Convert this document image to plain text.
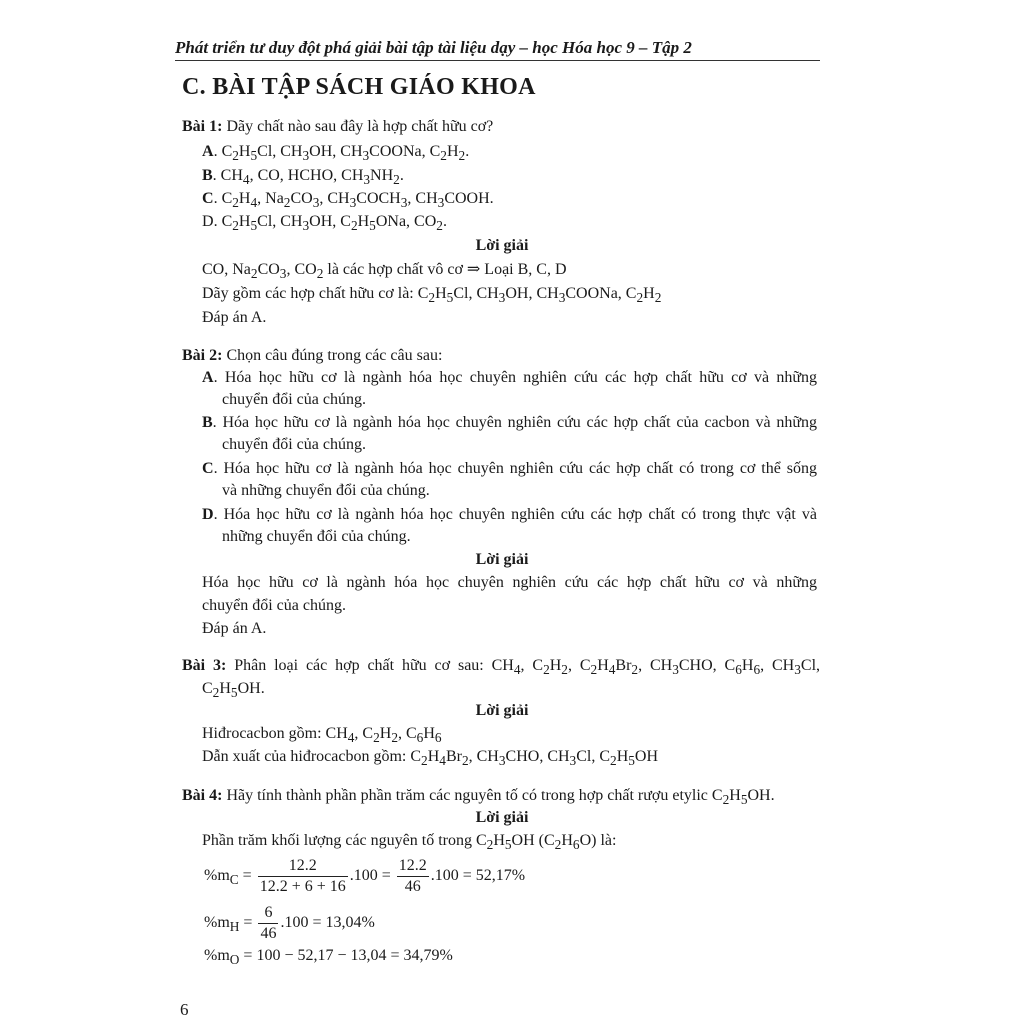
Phát triển tư duy đột phá giải bài tập tài liệu dạy – học Hóa học 9 – Tập 2
C. BÀI TẬP SÁCH GIÁO KHOA
Bài 1: Dãy chất nào sau đây là hợp chất hữu cơ?
A. $C_2H_5Cl$, $CH_3OH$, $CH_3COONa$, $C_2H_2$.
B. $CH_4$, CO, HCHO, $CH_3NH_2$.
C. $C_2H_4$, $Na_2CO_3$, $CH_3COCH_3$, $CH_3COOH$.
D. $C_2H_5Cl$, $CH_3OH$, $C_2H_5ONa$, $CO_2$.
Lời giải
CO, $Na_2CO_3$, $CO_2$ là các hợp chất vô cơ ⇒ Loại B, C, D
Dãy gồm các hợp chất hữu cơ là: $C_2H_5Cl$, $CH_3OH$, $CH_3COONa$, $C_2H_2$
Đáp án A.
Bài 2: Chọn câu đúng trong các câu sau:
A. Hóa học hữu cơ là ngành hóa học chuyên nghiên cứu các hợp chất hữu cơ và những
chuyển đổi của chúng.
B. Hóa học hữu cơ là ngành hóa học chuyên nghiên cứu các hợp chất của cacbon và những
chuyển đổi của chúng.
C. Hóa học hữu cơ là ngành hóa học chuyên nghiên cứu các hợp chất có trong cơ thể sống
và những chuyển đổi của chúng.
D. Hóa học hữu cơ là ngành hóa học chuyên nghiên cứu các hợp chất có trong thực vật và
những chuyển đổi của chúng.
Lời giải
Hóa học hữu cơ là ngành hóa học chuyên nghiên cứu các hợp chất hữu cơ và những
chuyển đổi của chúng.
Đáp án A.
Bài 3: Phân loại các hợp chất hữu cơ sau: $CH_4$, $C_2H_2$, $C_2H_4Br_2$, $CH_3CHO$, $C_6H_6$, $CH_3Cl$,
$C_2H_5OH$.
Lời giải
Hiđrocacbon gồm: $CH_4$, $C_2H_2$, $C_6H_6$
Dẫn xuất của hiđrocacbon gồm: $C_2H_4Br_2$, $CH_3CHO$, $CH_3Cl$, $C_2H_5OH$
Bài 4: Hãy tính thành phần phần trăm các nguyên tố có trong hợp chất rượu etylic $C_2H_5OH$.
Lời giải
Phần trăm khối lượng các nguyên tố trong $C_2H_5OH$ $(C_2H_6O)$ là:
$\%m_C = \frac{12.2}{12.2 + 6 + 16} .100 = \frac{12.2}{46} .100 = 52,17\%$
$\%m_H = \frac{6}{46} .100 = 13,04\%$
$\%m_O = 100 - 52,17 - 13,04 = 34,79\%$
6
